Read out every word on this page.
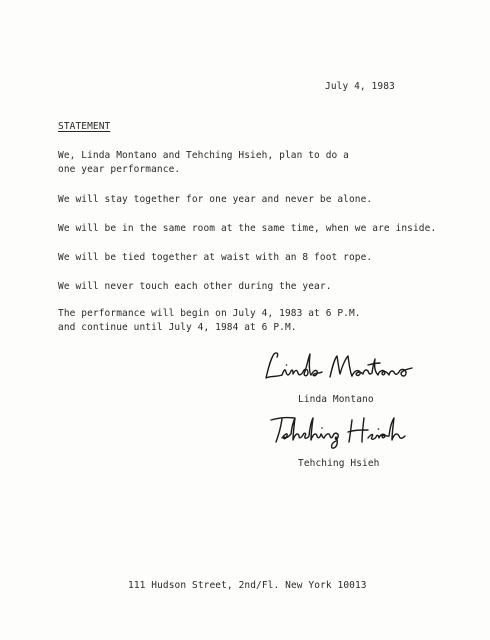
July 4, 1983
STATEMENT
We, Linda Montano and Tehching Hsieh, plan to do a
one year performance.
We will stay together for one year and never be alone.
We will be in the same room at the same time, when we are inside.
We will be tied together at waist with an 8 foot rope.
We will never touch each other during the year.
The performance will begin on July 4, 1983 at 6 P.M.
and continue until July 4, 1984 at 6 P.M.
Linda Montano
Tehching Hsieh
111 Hudson Street, 2nd/Fl. New York 10013
